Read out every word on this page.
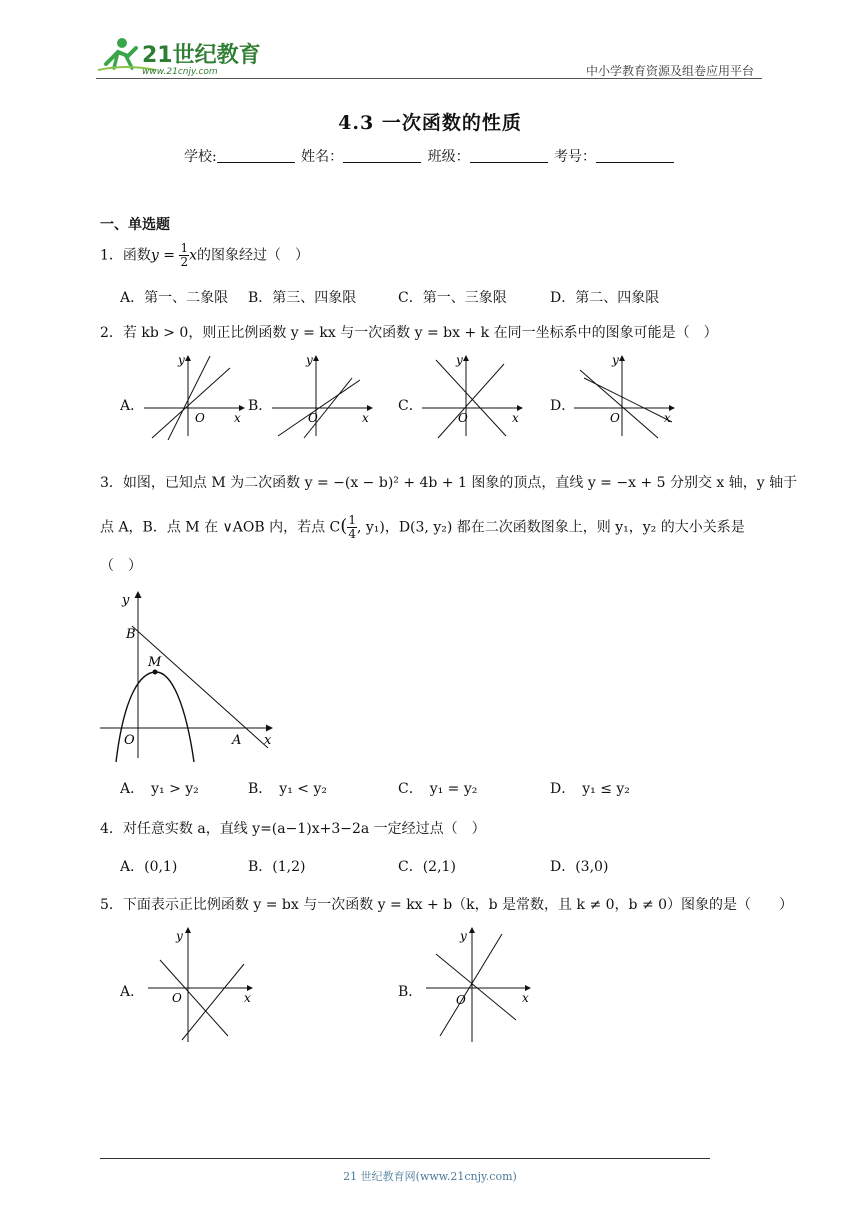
21世纪教育
www.21cnjy.com	中小学教育资源及组卷应用平台
4.3 一次函数的性质
学校:	姓名：	班级：	考号：
一、单选题
1．函数$y = \frac{1}{2}$ x的图象经过（　）
A．第一、二象限 B．第三、四象限	C．第一、三象限	D．第二、四象限
2．若 kb > 0，则正比例函数 y = kx 与一次函数 y = bx + k 在同一坐标系中的图象可能是（　）
A．	B．	C．	D．
y
O x
y
O	x
y
O	x
y
O	x
3．如图，已知点 M 为二次函数 y = −(x − b)² + 4b + 1 图象的顶点，直线 y = −x + 5 分别交 x 轴，y 轴于
点 A，B．点 M 在 ∨AOB 内，若点 $C( \frac{1}{4}$ , y₁)，D(3, y₂) 都在二次函数图象上，则 y₁，y₂ 的大小关系是
（　）
y
B
M
O	A x
A．　y₁ > y₂	B．　y₁ < y₂	C．　y₁ = y₂	D．　y₁ ≤ y₂
4．对任意实数 a，直线 y=(a−1)x+3−2a 一定经过点（　）
A．(0,1)	B．(1,2)	C．(2,1)	D．(3,0)
5．下面表示正比例函数 y = bx 与一次函数 y = kx + b（k，b 是常数，且 k ≠ 0，b ≠ 0）图象的是（　　）
A．	B．
y
O	x
y
O	x
21 世纪教育网(www.21cnjy.com)
